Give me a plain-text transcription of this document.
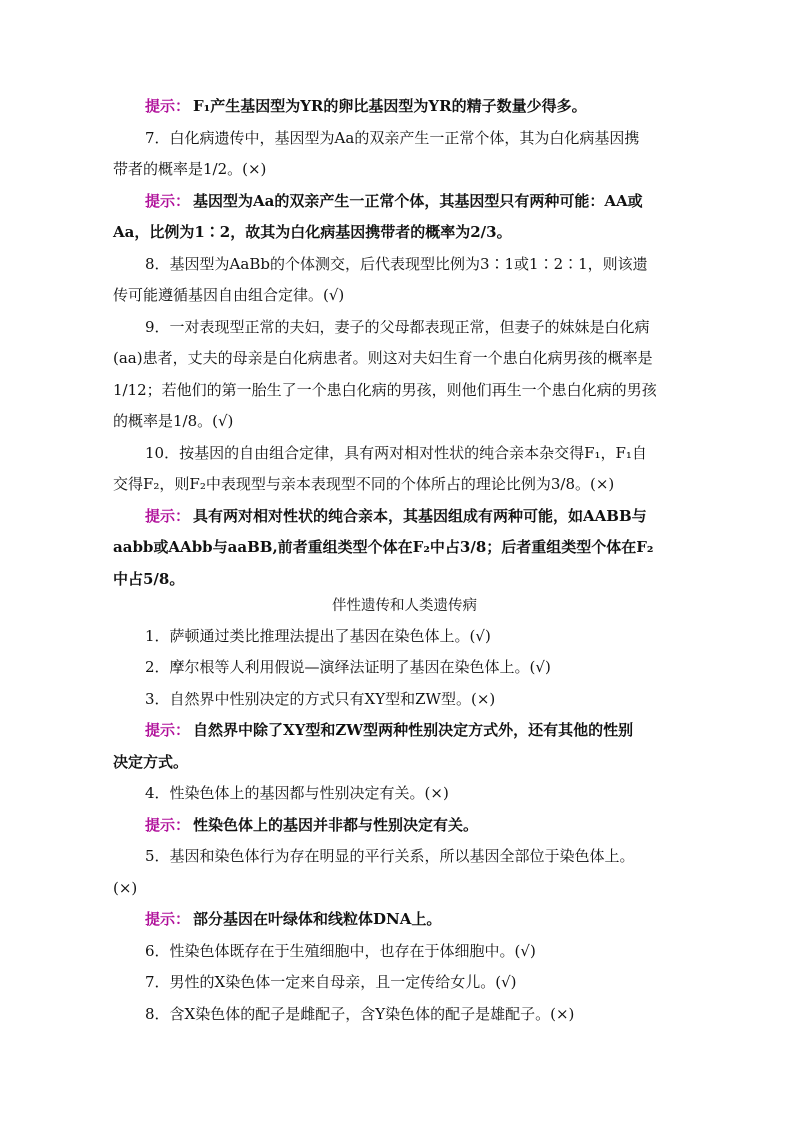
提示： F₁产生基因型为YR的卵比基因型为YR的精子数量少得多。
7．白化病遗传中，基因型为Aa的双亲产生一正常个体，其为白化病基因携
带者的概率是1/2。(×)
提示： 基因型为Aa的双亲产生一正常个体，其基因型只有两种可能：AA或
Aa，比例为1∶2，故其为白化病基因携带者的概率为2/3。
8．基因型为AaBb的个体测交，后代表现型比例为3∶1或1∶2∶1，则该遗
传可能遵循基因自由组合定律。(√)
9．一对表现型正常的夫妇，妻子的父母都表现正常，但妻子的妹妹是白化病
(aa)患者，丈夫的母亲是白化病患者。则这对夫妇生育一个患白化病男孩的概率是
1/12；若他们的第一胎生了一个患白化病的男孩，则他们再生一个患白化病的男孩
的概率是1/8。(√)
10．按基因的自由组合定律，具有两对相对性状的纯合亲本杂交得F₁，F₁自
交得F₂，则F₂中表现型与亲本表现型不同的个体所占的理论比例为3/8。(×)
提示： 具有两对相对性状的纯合亲本，其基因组成有两种可能，如AABB与
aabb或AAbb与aaBB,前者重组类型个体在F₂中占3/8；后者重组类型个体在F₂
中占5/8。
伴性遗传和人类遗传病
1．萨顿通过类比推理法提出了基因在染色体上。(√)
2．摩尔根等人利用假说—演绎法证明了基因在染色体上。(√)
3．自然界中性别决定的方式只有XY型和ZW型。(×)
提示： 自然界中除了XY型和ZW型两种性别决定方式外，还有其他的性别
决定方式。
4．性染色体上的基因都与性别决定有关。(×)
提示： 性染色体上的基因并非都与性别决定有关。
5．基因和染色体行为存在明显的平行关系，所以基因全部位于染色体上。
(×)
提示： 部分基因在叶绿体和线粒体DNA上。
6．性染色体既存在于生殖细胞中，也存在于体细胞中。(√)
7．男性的X染色体一定来自母亲，且一定传给女儿。(√)
8．含X染色体的配子是雌配子，含Y染色体的配子是雄配子。(×)
